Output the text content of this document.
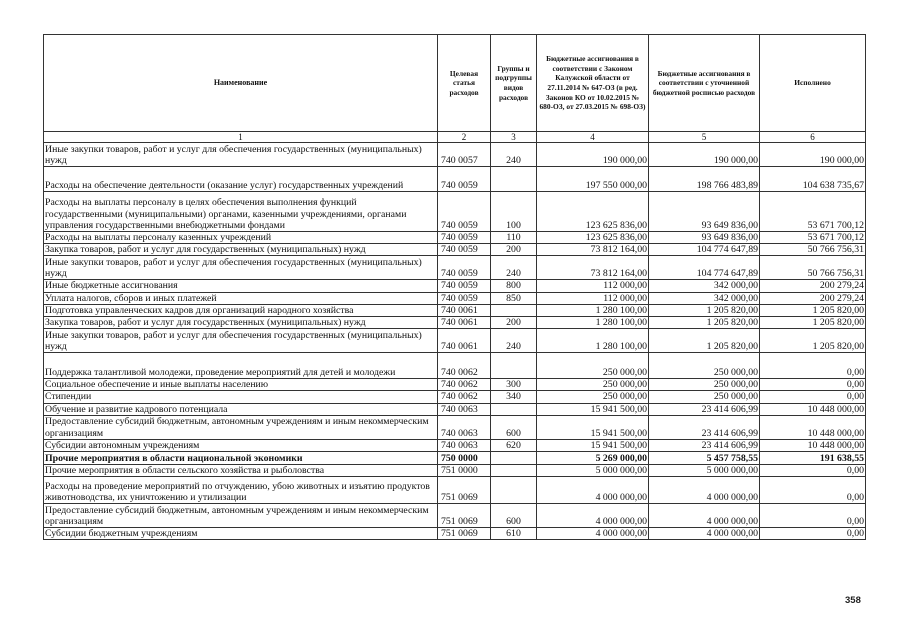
Наименование	Целевая статья расходов	Группы и подгруппы видов расходов	Бюджетные ассигнования в соответствии с Законом Калужской области от 27.11.2014 № 647-ОЗ (в ред. Законов КО от 10.02.2015 № 680-ОЗ, от 27.03.2015 № 698-ОЗ)	Бюджетные ассигнования в соответствии с уточненной бюджетной росписью расходов	Исполнено
1	2	3	4	5	6
Иные закупки товаров, работ и услуг для обеспечения государственных (муниципальных) нужд	740 0057	240	190 000,00	190 000,00	190 000,00
Расходы на обеспечение деятельности (оказание услуг) государственных учреждений	740 0059		197 550 000,00	198 766 483,89	104 638 735,67
Расходы на выплаты персоналу в целях обеспечения выполнения функций государственными (муниципальными) органами, казенными учреждениями, органами управления государственными внебюджетными фондами	740 0059	100	123 625 836,00	93 649 836,00	53 671 700,12
Расходы на выплаты персоналу казенных учреждений	740 0059	110	123 625 836,00	93 649 836,00	53 671 700,12
Закупка товаров, работ и услуг для государственных (муниципальных) нужд	740 0059	200	73 812 164,00	104 774 647,89	50 766 756,31
Иные закупки товаров, работ и услуг для обеспечения государственных (муниципальных) нужд	740 0059	240	73 812 164,00	104 774 647,89	50 766 756,31
Иные бюджетные ассигнования	740 0059	800	112 000,00	342 000,00	200 279,24
Уплата налогов, сборов и иных платежей	740 0059	850	112 000,00	342 000,00	200 279,24
Подготовка управленческих кадров для организаций народного хозяйства	740 0061		1 280 100,00	1 205 820,00	1 205 820,00
Закупка товаров, работ и услуг для государственных (муниципальных) нужд	740 0061	200	1 280 100,00	1 205 820,00	1 205 820,00
Иные закупки товаров, работ и услуг для обеспечения государственных (муниципальных) нужд	740 0061	240	1 280 100,00	1 205 820,00	1 205 820,00
Поддержка талантливой молодежи, проведение мероприятий для детей и молодежи	740 0062		250 000,00	250 000,00	0,00
Социальное обеспечение и иные выплаты населению	740 0062	300	250 000,00	250 000,00	0,00
Стипендии	740 0062	340	250 000,00	250 000,00	0,00
Обучение и развитие кадрового потенциала	740 0063		15 941 500,00	23 414 606,99	10 448 000,00
Предоставление субсидий бюджетным, автономным учреждениям и иным некоммерческим организациям	740 0063	600	15 941 500,00	23 414 606,99	10 448 000,00
Субсидии автономным учреждениям	740 0063	620	15 941 500,00	23 414 606,99	10 448 000,00
Прочие мероприятия в области национальной экономики	750 0000		5 269 000,00	5 457 758,55	191 638,55
Прочие мероприятия в области сельского хозяйства и рыболовства	751 0000		5 000 000,00	5 000 000,00	0,00
Расходы на проведение мероприятий по отчуждению, убою животных и изъятию продуктов животноводства, их уничтожению и утилизации	751 0069		4 000 000,00	4 000 000,00	0,00
Предоставление субсидий бюджетным, автономным учреждениям и иным некоммерческим организациям	751 0069	600	4 000 000,00	4 000 000,00	0,00
Субсидии бюджетным учреждениям	751 0069	610	4 000 000,00	4 000 000,00	0,00
358
